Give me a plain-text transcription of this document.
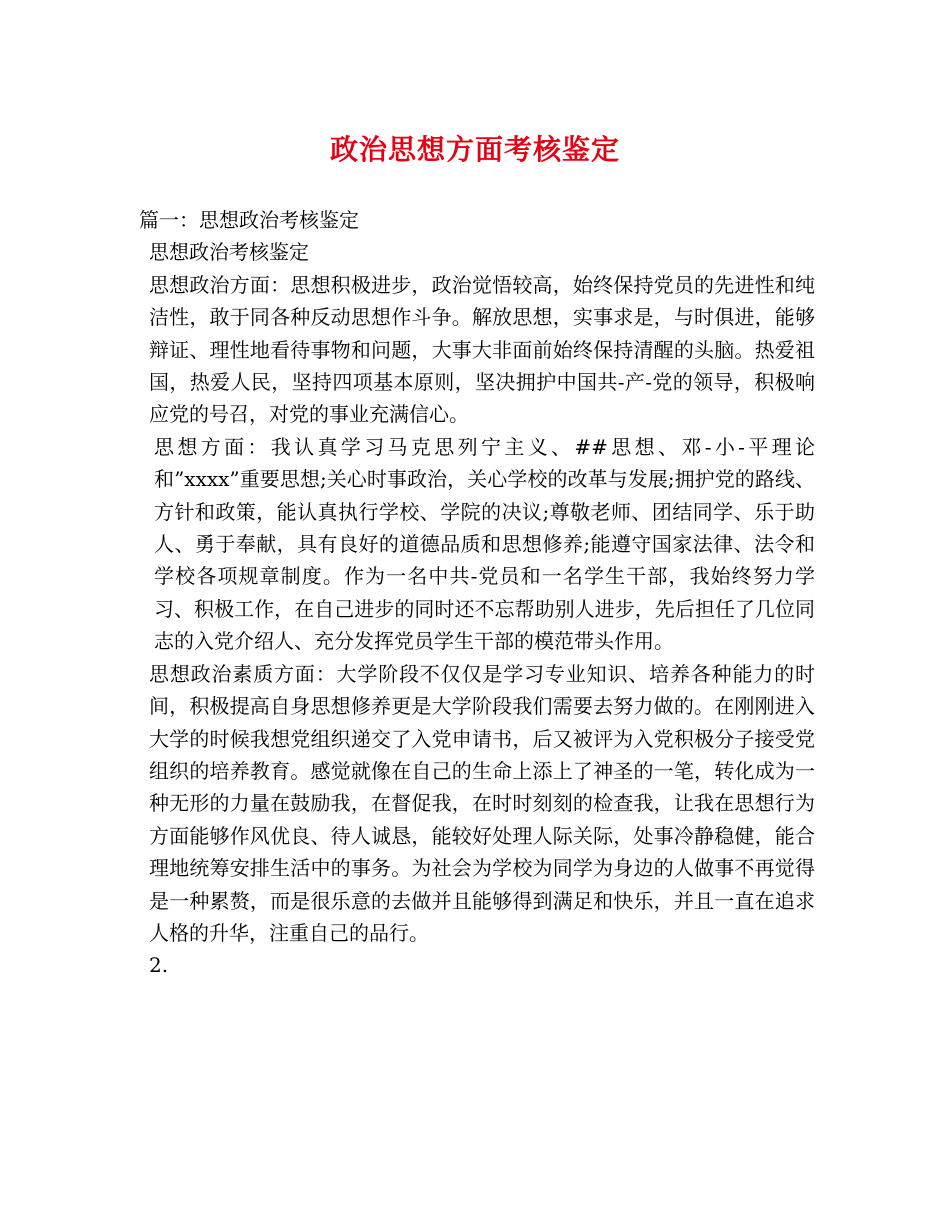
政治思想方面考核鉴定
篇一：思想政治考核鉴定
思想政治考核鉴定

思想政治方面：思想积极进步，政治觉悟较高，始终保持党员的先进性和纯洁性，敢于同各种反动思想作斗争。解放思想，实事求是，与时俱进，能够辩证、理性地看待事物和问题，大事大非面前始终保持清醒的头脑。热爱祖国，热爱人民，坚持四项基本原则，坚决拥护中国共-产-党的领导，积极响应党的号召，对党的事业充满信心。

思想方面：我认真学习马克思列宁主义、##思想、邓-小-平理论和”xxxx”重要思想;关心时事政治，关心学校的改革与发展;拥护党的路线、方针和政策，能认真执行学校、学院的决议;尊敬老师、团结同学、乐于助人、勇于奉献，具有良好的道德品质和思想修养;能遵守国家法律、法令和学校各项规章制度。作为一名中共-党员和一名学生干部，我始终努力学习、积极工作，在自己进步的同时还不忘帮助别人进步，先后担任了几位同志的入党介绍人、充分发挥党员学生干部的模范带头作用。

思想政治素质方面：大学阶段不仅仅是学习专业知识、培养各种能力的时间，积极提高自身思想修养更是大学阶段我们需要去努力做的。在刚刚进入大学的时候我想党组织递交了入党申请书，后又被评为入党积极分子接受党组织的培养教育。感觉就像在自己的生命上添上了神圣的一笔，转化成为一种无形的力量在鼓励我，在督促我，在时时刻刻的检查我，让我在思想行为方面能够作风优良、待人诚恳，能较好处理人际关际，处事冷静稳健，能合理地统筹安排生活中的事务。为社会为学校为同学为身边的人做事不再觉得是一种累赘，而是很乐意的去做并且能够得到满足和快乐，并且一直在追求人格的升华，注重自己的品行。

2.
